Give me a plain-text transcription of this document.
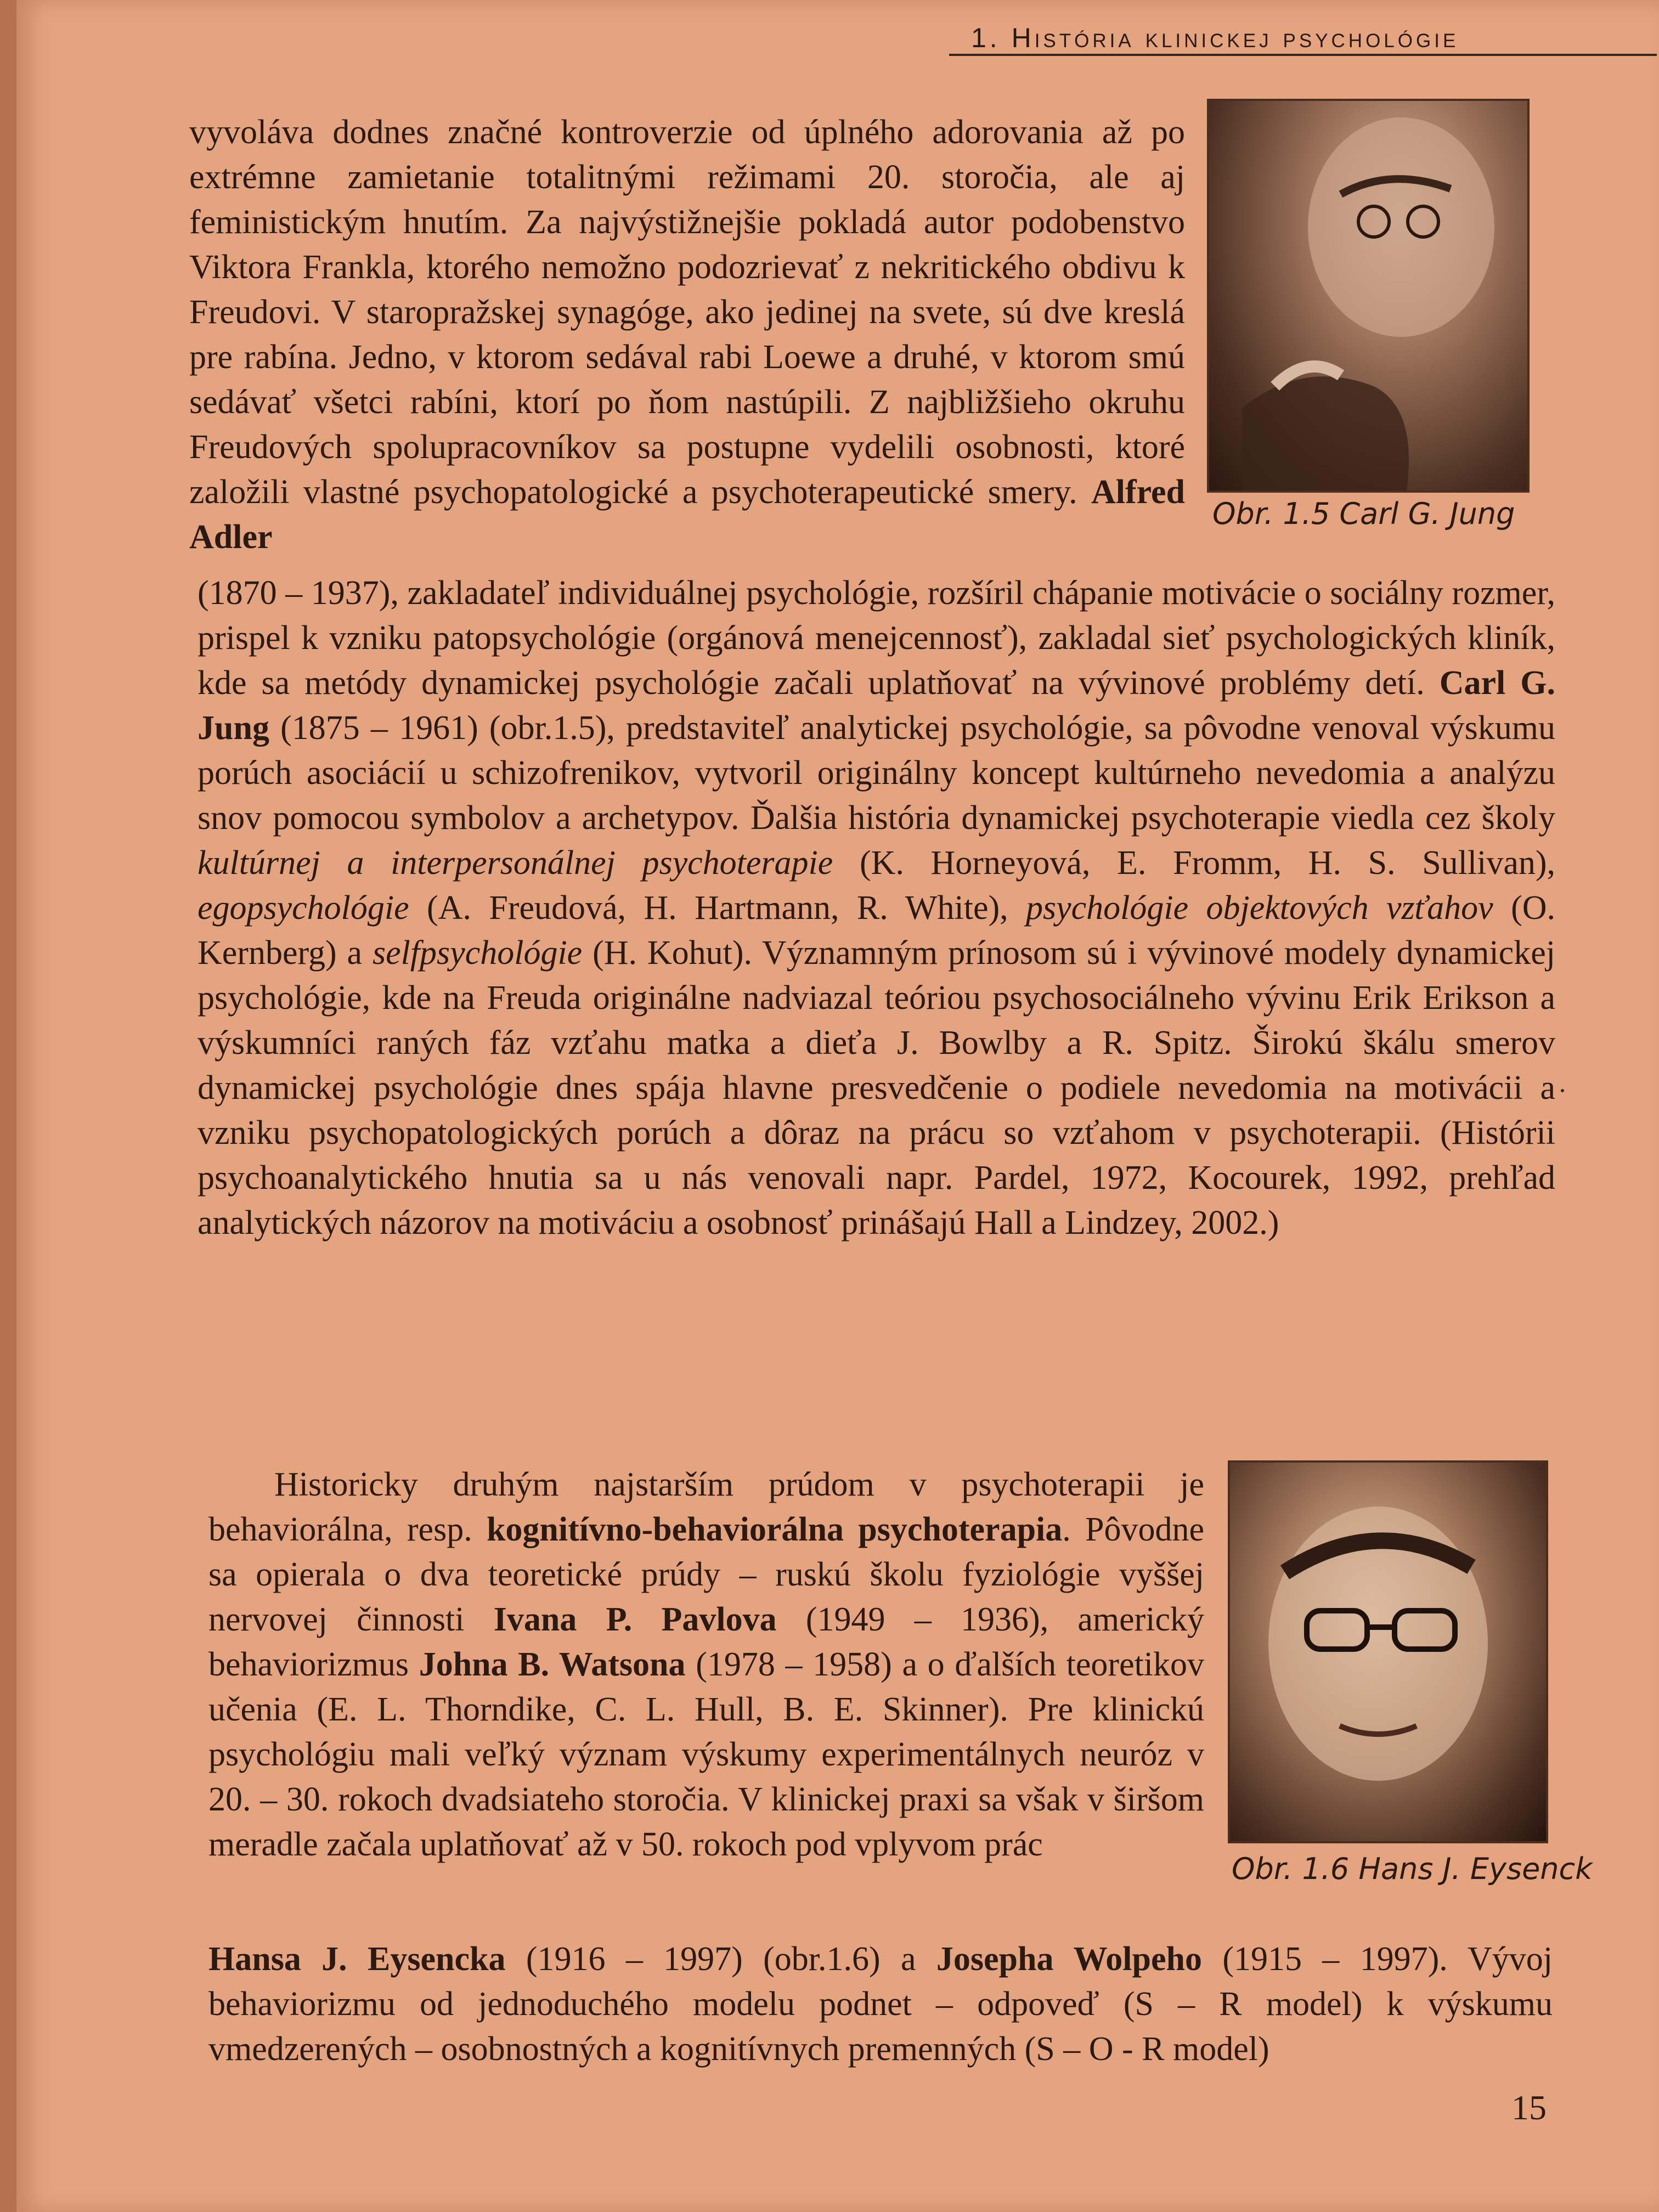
1. História klinickej psychológie
vyvoláva dodnes značné kontroverzie od úplného adorovania až po extrémne zamietanie totalitnými režimami 20. storočia, ale aj feministickým hnutím. Za najvýstižnejšie pokladá autor podobenstvo Viktora Frankla, ktorého nemožno podozrievať z nekritického obdivu k Freudovi. V staropražskej synagóge, ako jedinej na svete, sú dve kreslá pre rabína. Jedno, v ktorom sedával rabi Loewe a druhé, v ktorom smú sedávať všetci rabíni, ktorí po ňom nastúpili. Z najbližšieho okruhu Freudových spolupracovníkov sa postupne vydelili osobnosti, ktoré založili vlastné psychopatologické a psychoterapeutické smery. Alfred Adler
(1870 – 1937), zakladateľ individuálnej psychológie, rozšíril chápanie motivácie o sociálny rozmer, prispel k vzniku patopsychológie (orgánová menejcennosť), zakladal sieť psychologických kliník, kde sa metódy dynamickej psychológie začali uplatňovať na vývinové problémy detí. Carl G. Jung (1875 – 1961) (obr.1.5), predstaviteľ analytickej psychológie, sa pôvodne venoval výskumu porúch asociácií u schizofrenikov, vytvoril originálny koncept kultúrneho nevedomia a analýzu snov pomocou symbolov a archetypov. Ďalšia história dynamickej psychoterapie viedla cez školy kultúrnej a interpersonálnej psychoterapie (K. Horneyová, E. Fromm, H. S. Sullivan), egopsychológie (A. Freudová, H. Hartmann, R. White), psychológie objektových vzťahov (O. Kernberg) a selfpsychológie (H. Kohut). Významným prínosom sú i vývinové modely dynamickej psychológie, kde na Freuda originálne nadviazal teóriou psychosociálneho vývinu Erik Erikson a výskumníci raných fáz vzťahu matka a dieťa J. Bowlby a R. Spitz. Širokú škálu smerov dynamickej psychológie dnes spája hlavne presvedčenie o podiele nevedomia na motivácii a vzniku psychopatologických porúch a dôraz na prácu so vzťahom v psychoterapii. (Histórii psychoanalytického hnutia sa u nás venovali napr. Pardel, 1972, Kocourek, 1992, prehľad analytických názorov na motiváciu a osobnosť prinášajú Hall a Lindzey, 2002.)
Obr. 1.5 Carl G. Jung
Historicky druhým najstarším prúdom v psychoterapii je behaviorálna, resp. kognitívno-behaviorálna psychoterapia. Pôvodne sa opierala o dva teoretické prúdy – ruskú školu fyziológie vyššej nervovej činnosti Ivana P. Pavlova (1949 – 1936), americký behaviorizmus Johna B. Watsona (1978 – 1958) a o ďalších teoretikov učenia (E. L. Thorndike, C. L. Hull, B. E. Skinner). Pre klinickú psychológiu mali veľký význam výskumy experimentálnych neuróz v 20. – 30. rokoch dvadsiateho storočia. V klinickej praxi sa však v širšom meradle začala uplatňovať až v 50. rokoch pod vplyvom prác
Hansa J. Eysencka (1916 – 1997) (obr.1.6) a Josepha Wolpeho (1915 – 1997). Vývoj behaviorizmu od jednoduchého modelu podnet – odpoveď (S – R model) k výskumu vmedzerených – osobnostných a kognitívnych premenných (S – O - R model)
Obr. 1.6 Hans J. Eysenck
15
